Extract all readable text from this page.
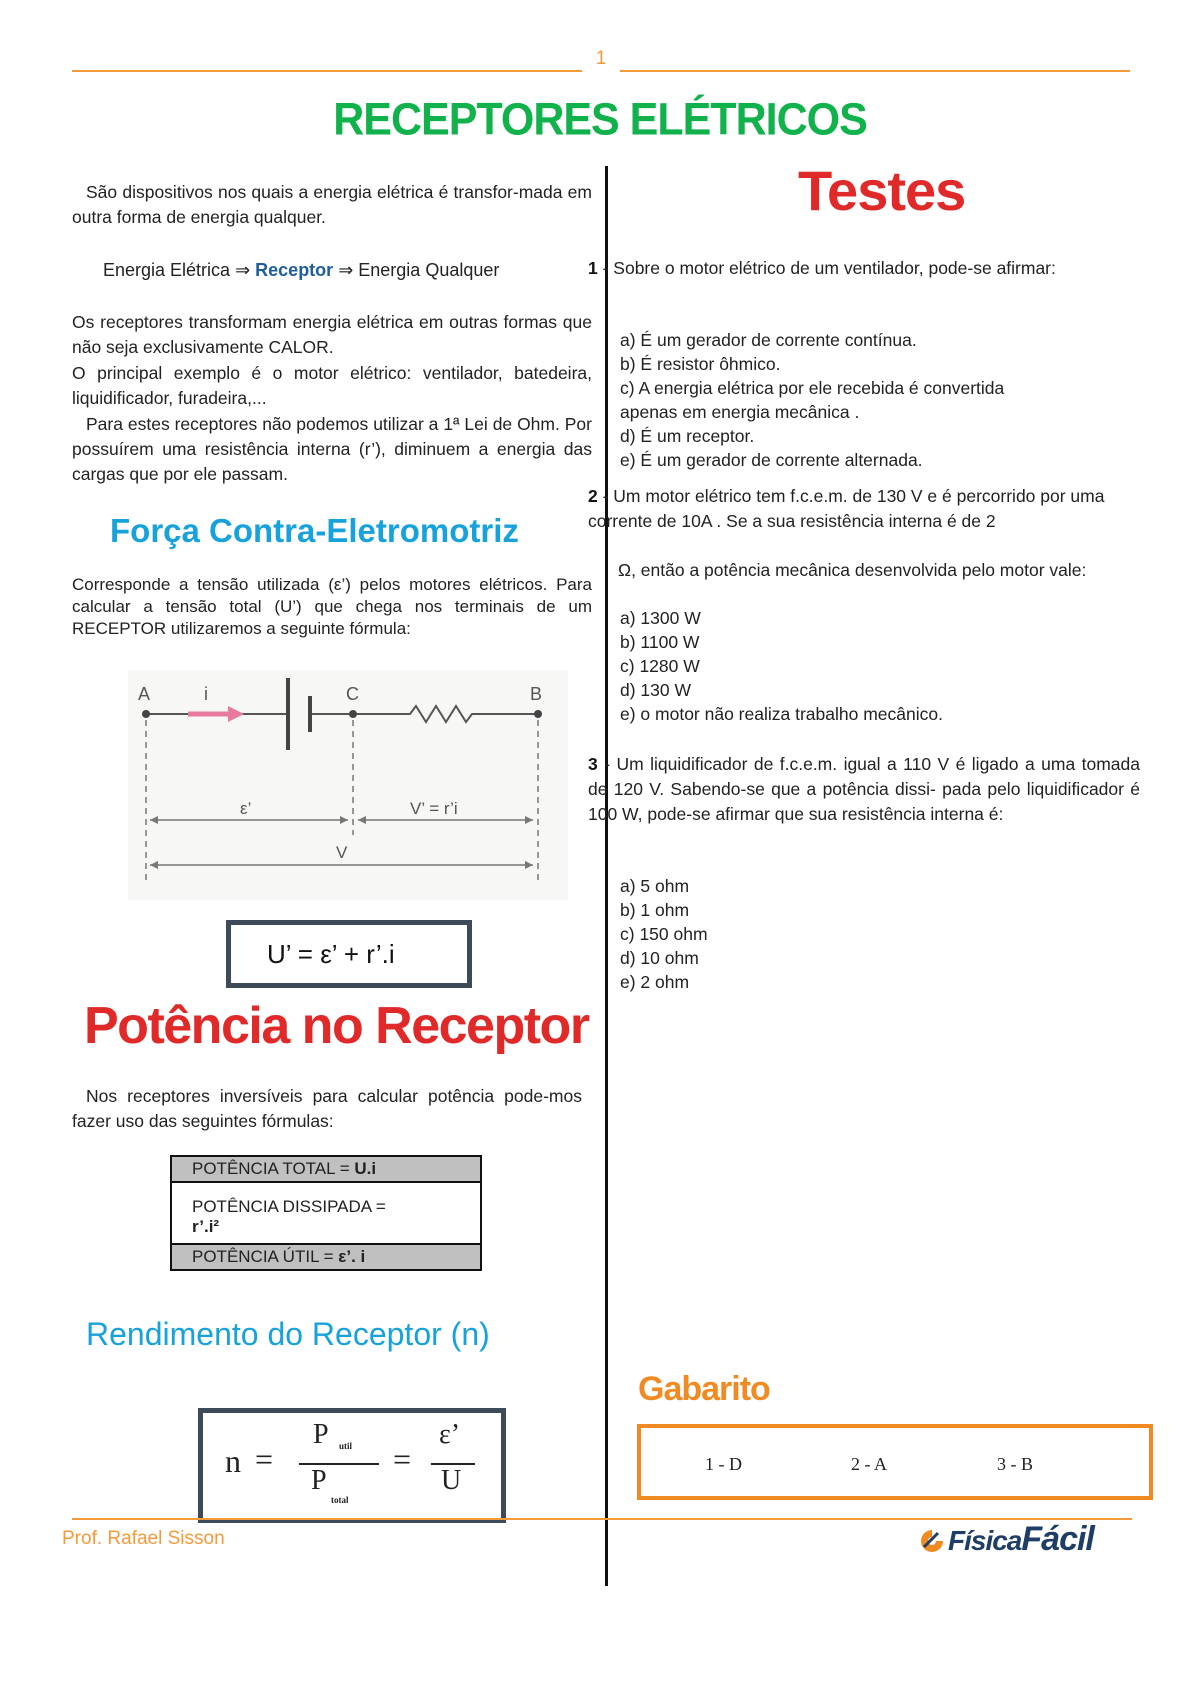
1
RECEPTORES ELÉTRICOS
São dispositivos nos quais a energia elétrica é transfor-mada em outra forma de energia qualquer.
Energia Elétrica ⇒ Receptor ⇒ Energia Qualquer
Os receptores transformam energia elétrica em outras formas que não seja exclusivamente CALOR.
O principal exemplo é o motor elétrico: ventilador, batedeira, liquidificador, furadeira,...
Para estes receptores não podemos utilizar a 1ª Lei de Ohm. Por possuírem uma resistência interna (r’), diminuem a energia das cargas que por ele passam.
Força Contra-Eletromotriz
Corresponde a tensão utilizada (ε’) pelos motores elétricos. Para calcular a tensão total (U’) que chega nos terminais de um RECEPTOR utilizaremos a seguinte fórmula:
A	i	C	B
ε’	V’ = r’i
V
U’ = ε’ + r’.i
Potência no Receptor
Nos receptores inversíveis para calcular potência pode-mos fazer uso das seguintes fórmulas:
POTÊNCIA TOTAL = U.i
POTÊNCIA DISSIPADA =
r’.i²
POTÊNCIA ÚTIL = ε’. i
Rendimento do Receptor (n)
n =
P util
P
total
=
ε’
U
Testes
1 - Sobre o motor elétrico de um ventilador, pode-se afirmar:
a) É um gerador de corrente contínua.
b) É resistor ôhmico.
c) A energia elétrica por ele recebida é convertida
apenas em energia mecânica .
d) É um receptor.
e) É um gerador de corrente alternada.
2 - Um motor elétrico tem f.c.e.m. de 130 V e é percorrido por uma corrente de 10A . Se a sua resistência interna é de 2
Ω, então a potência mecânica desenvolvida pelo motor vale:
a) 1300 W
b) 1100 W
c) 1280 W
d) 130 W
e) o motor não realiza trabalho mecânico.
3 - Um liquidificador de f.c.e.m. igual a 110 V é ligado a uma tomada de 120 V. Sabendo-se que a potência dissi- pada pelo liquidificador é 100 W, pode-se afirmar que sua resistência interna é:
a) 5 ohm
b) 1 ohm
c) 150 ohm
d) 10 ohm
e) 2 ohm
Gabarito
1 - D	2 - A	3 - B
Prof. Rafael Sisson	FísicaFácil
